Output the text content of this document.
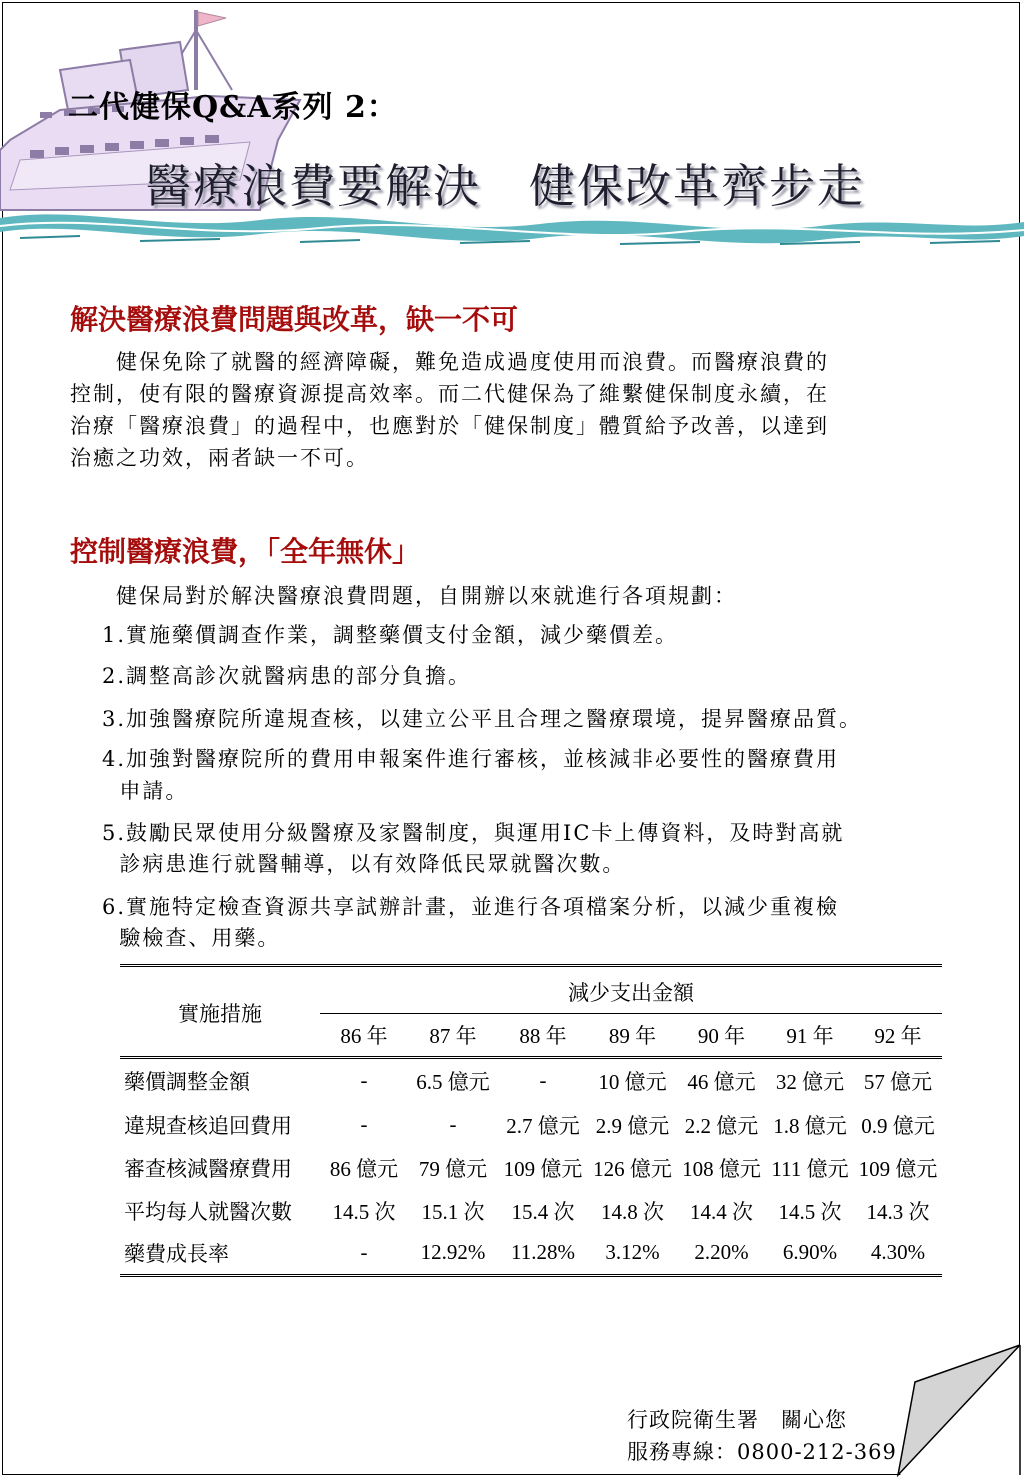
二代健保Q&A系列 2：
醫療浪費要解決　健保改革齊步走
解決醫療浪費問題與改革，缺一不可
　　健保免除了就醫的經濟障礙，難免造成過度使用而浪費。而醫療浪費的
控制，使有限的醫療資源提高效率。而二代健保為了維繫健保制度永續，在
治療「醫療浪費」的過程中，也應對於「健保制度」體質給予改善，以達到
治癒之功效，兩者缺一不可。
控制醫療浪費，「全年無休」
　　健保局對於解決醫療浪費問題，自開辦以來就進行各項規劃：
1.實施藥價調查作業，調整藥價支付金額，減少藥價差。
2.調整高診次就醫病患的部分負擔。
3.加強醫療院所違規查核，以建立公平且合理之醫療環境，提昇醫療品質。
4.加強對醫療院所的費用申報案件進行審核，並核減非必要性的醫療費用
申請。
5.鼓勵民眾使用分級醫療及家醫制度，與運用IC卡上傳資料，及時對高就
診病患進行就醫輔導，以有效降低民眾就醫次數。
6.實施特定檢查資源共享試辦計畫，並進行各項檔案分析，以減少重複檢
驗檢查、用藥。

實施措施	減少支出金額						
	86 年	87 年	88 年	89 年	90 年	91 年	92 年
藥價調整金額	-	6.5 億元	-	10 億元	46 億元	32 億元	57 億元
違規查核追回費用	-	-	2.7 億元	2.9 億元	2.2 億元	1.8 億元	0.9 億元
審查核減醫療費用	86 億元	79 億元	109 億元	126 億元	108 億元	111 億元	109 億元
平均每人就醫次數	14.5 次	15.1 次	15.4 次	14.8 次	14.4 次	14.5 次	14.3 次
藥費成長率	-	12.92%	11.28%	3.12%	2.20%	6.90%	4.30%
行政院衛生署　關心您
服務專線：0800-212-369
